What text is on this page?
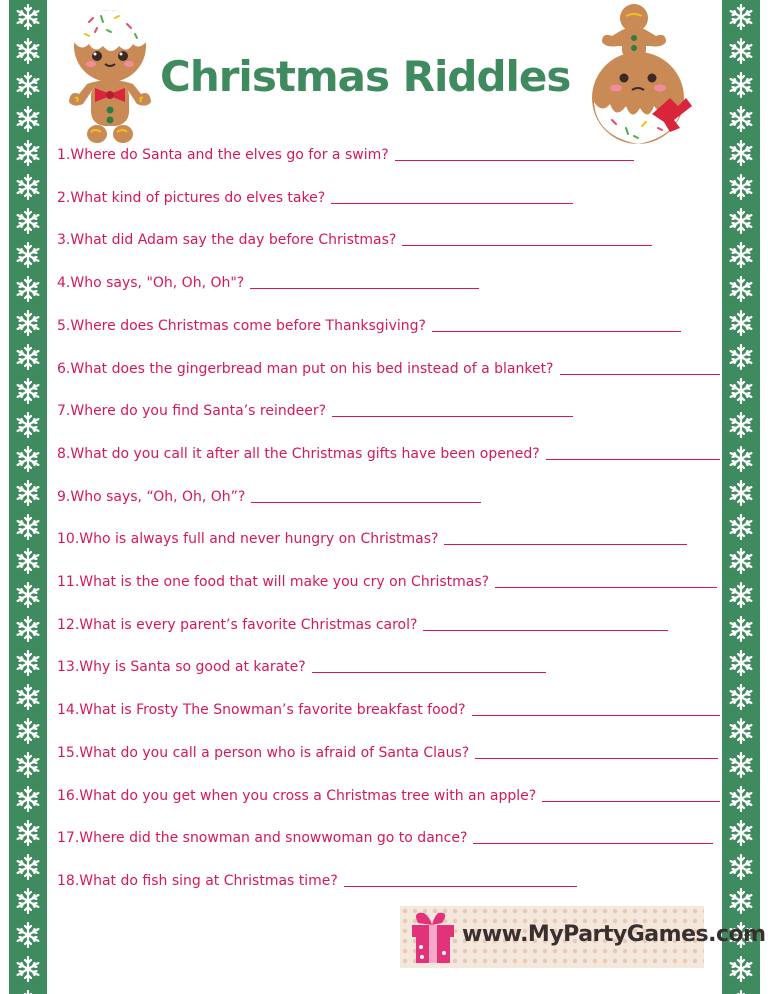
Christmas Riddles
1.Where do Santa and the elves go for a swim?
2.What kind of pictures do elves take?
3.What did Adam say the day before Christmas?
4.Who says, "Oh, Oh, Oh"?
5.Where does Christmas come before Thanksgiving?
6.What does the gingerbread man put on his bed instead of a blanket?
7.Where do you find Santa’s reindeer?
8.What do you call it after all the Christmas gifts have been opened?
9.Who says, “Oh, Oh, Oh”?
10.Who is always full and never hungry on Christmas?
11.What is the one food that will make you cry on Christmas?
12.What is every parent’s favorite Christmas carol?
13.Why is Santa so good at karate?
14.What is Frosty The Snowman’s favorite breakfast food?
15.What do you call a person who is afraid of Santa Claus?
16.What do you get when you cross a Christmas tree with an apple?
17.Where did the snowman and snowwoman go to dance?
18.What do fish sing at Christmas time?
www.MyPartyGames.com
